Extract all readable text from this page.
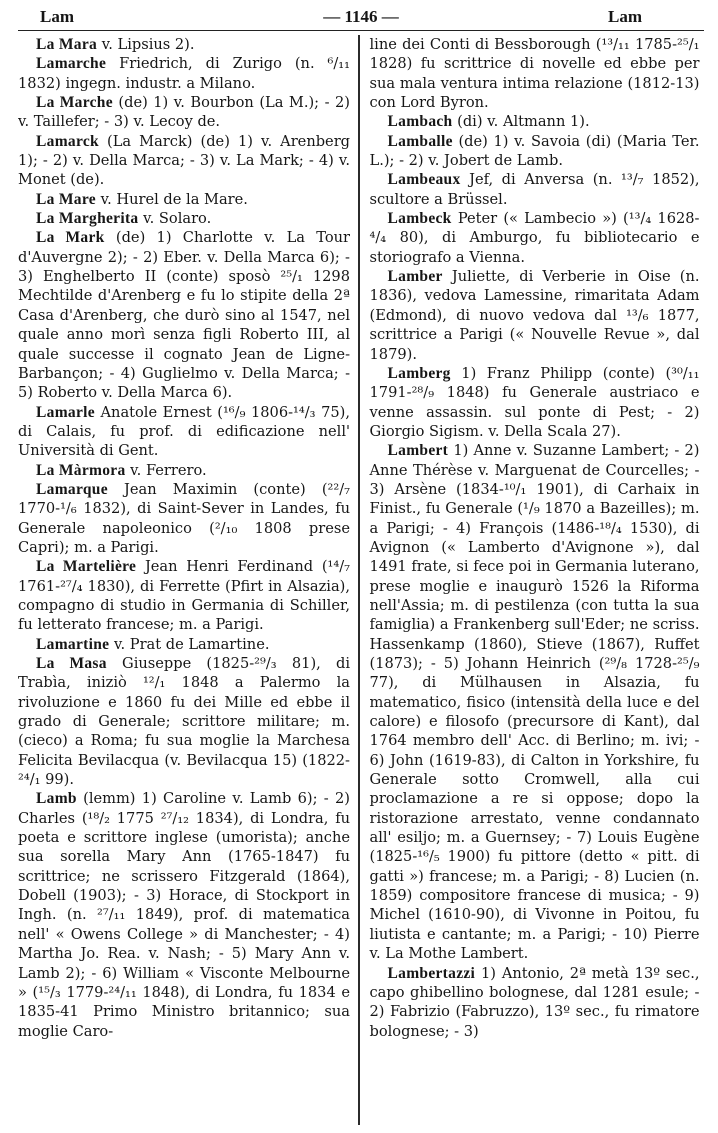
Lam	— 1146 —	Lam

La Mara v. Lipsius 2).

Lamarche Friedrich, di Zurigo (n. ⁶/₁₁ 1832) ingegn. industr. a Milano.

La Marche (de) 1) v. Bourbon (La M.); - 2) v. Taillefer; - 3) v. Lecoy de.

Lamarck (La Marck) (de) 1) v. Arenberg 1); - 2) v. Della Marca; - 3) v. La Mark; - 4) v. Monet (de).

La Mare v. Hurel de la Mare.

La Margherita v. Solaro.

La Mark (de) 1) Charlotte v. La Tour d'Auvergne 2); - 2) Eber. v. Della Marca 6); - 3) Enghelberto II (conte) sposò ²⁵/₁ 1298 Mechtilde d'Arenberg e fu lo stipite della 2ª Casa d'Arenberg, che durò sino al 1547, nel quale anno morì senza figli Roberto III, al quale successe il cognato Jean de Ligne-Barbançon; - 4) Guglielmo v. Della Marca; - 5) Roberto v. Della Marca 6).

Lamarle Anatole Ernest (¹⁶/₉ 1806-¹⁴/₃ 75), di Calais, fu prof. di edificazione nell' Università di Gent.

La Màrmora v. Ferrero.

Lamarque Jean Maximin (conte) (²²/₇ 1770-¹/₆ 1832), di Saint-Sever in Landes, fu Generale napoleonico (²/₁₀ 1808 prese Capri); m. a Parigi.

La Martelière Jean Henri Ferdinand (¹⁴/₇ 1761-²⁷/₄ 1830), di Ferrette (Pfirt in Alsazia), compagno di studio in Germania di Schiller, fu letterato francese; m. a Parigi.

Lamartine v. Prat de Lamartine.

La Masa Giuseppe (1825-²⁹/₃ 81), di Trabìa, iniziò ¹²/₁ 1848 a Palermo la rivoluzione e 1860 fu dei Mille ed ebbe il grado di Generale; scrittore militare; m. (cieco) a Roma; fu sua moglie la Marchesa Felicita Bevilacqua (v. Bevilacqua 15) (1822-²⁴/₁ 99).

Lamb (lemm) 1) Caroline v. Lamb 6); - 2) Charles (¹⁸/₂ 1775 ²⁷/₁₂ 1834), di Londra, fu poeta e scrittore inglese (umorista); anche sua sorella Mary Ann (1765-1847) fu scrittrice; ne scrissero Fitzgerald (1864), Dobell (1903); - 3) Horace, di Stockport in Ingh. (n. ²⁷/₁₁ 1849), prof. di matematica nell' « Owens College » di Manchester; - 4) Martha Jo. Rea. v. Nash; - 5) Mary Ann v. Lamb 2); - 6) William « Visconte Melbourne » (¹⁵/₃ 1779-²⁴/₁₁ 1848), di Londra, fu 1834 e 1835-41 Primo Ministro britannico; sua moglie Caro-

line dei Conti di Bessborough (¹³/₁₁ 1785-²⁵/₁ 1828) fu scrittrice di novelle ed ebbe per sua mala ventura intima relazione (1812-13) con Lord Byron.

Lambach (di) v. Altmann 1).

Lamballe (de) 1) v. Savoia (di) (Maria Ter. L.); - 2) v. Jobert de Lamb.

Lambeaux Jef, di Anversa (n. ¹³/₇ 1852), scultore a Brüssel.

Lambeck Peter (« Lambecio ») (¹³/₄ 1628-⁴/₄ 80), di Amburgo, fu bibliotecario e storiografo a Vienna.

Lamber Juliette, di Verberie in Oise (n. 1836), vedova Lamessine, rimaritata Adam (Edmond), di nuovo vedova dal ¹³/₆ 1877, scrittrice a Parigi (« Nouvelle Revue », dal 1879).

Lamberg 1) Franz Philipp (conte) (³⁰/₁₁ 1791-²⁸/₉ 1848) fu Generale austriaco e venne assassin. sul ponte di Pest; - 2) Giorgio Sigism. v. Della Scala 27).

Lambert 1) Anne v. Suzanne Lambert; - 2) Anne Thérèse v. Marguenat de Courcelles; - 3) Arsène (1834-¹⁰/₁ 1901), di Carhaix in Finist., fu Generale (¹/₉ 1870 a Bazeilles); m. a Parigi; - 4) François (1486-¹⁸/₄ 1530), di Avignon (« Lamberto d'Avignone »), dal 1491 frate, si fece poi in Germania luterano, prese moglie e inaugurò 1526 la Riforma nell'Assia; m. di pestilenza (con tutta la sua famiglia) a Frankenberg sull'Eder; ne scriss. Hassenkamp (1860), Stieve (1867), Ruffet (1873); - 5) Johann Heinrich (²⁹/₈ 1728-²⁵/₉ 77), di Mülhausen in Alsazia, fu matematico, fisico (intensità della luce e del calore) e filosofo (precursore di Kant), dal 1764 membro dell' Acc. di Berlino; m. ivi; - 6) John (1619-83), di Calton in Yorkshire, fu Generale sotto Cromwell, alla cui proclamazione a re si oppose; dopo la ristorazione arrestato, venne condannato all' esiljo; m. a Guernsey; - 7) Louis Eugène (1825-¹⁶/₅ 1900) fu pittore (detto « pitt. di gatti ») francese; m. a Parigi; - 8) Lucien (n. 1859) compositore francese di musica; - 9) Michel (1610-90), di Vivonne in Poitou, fu liutista e cantante; m. a Parigi; - 10) Pierre v. La Mothe Lambert.

Lambertazzi 1) Antonio, 2ª metà 13º sec., capo ghibellino bolognese, dal 1281 esule; - 2) Fabrizio (Fabruzzo), 13º sec., fu rimatore bolognese; - 3)
